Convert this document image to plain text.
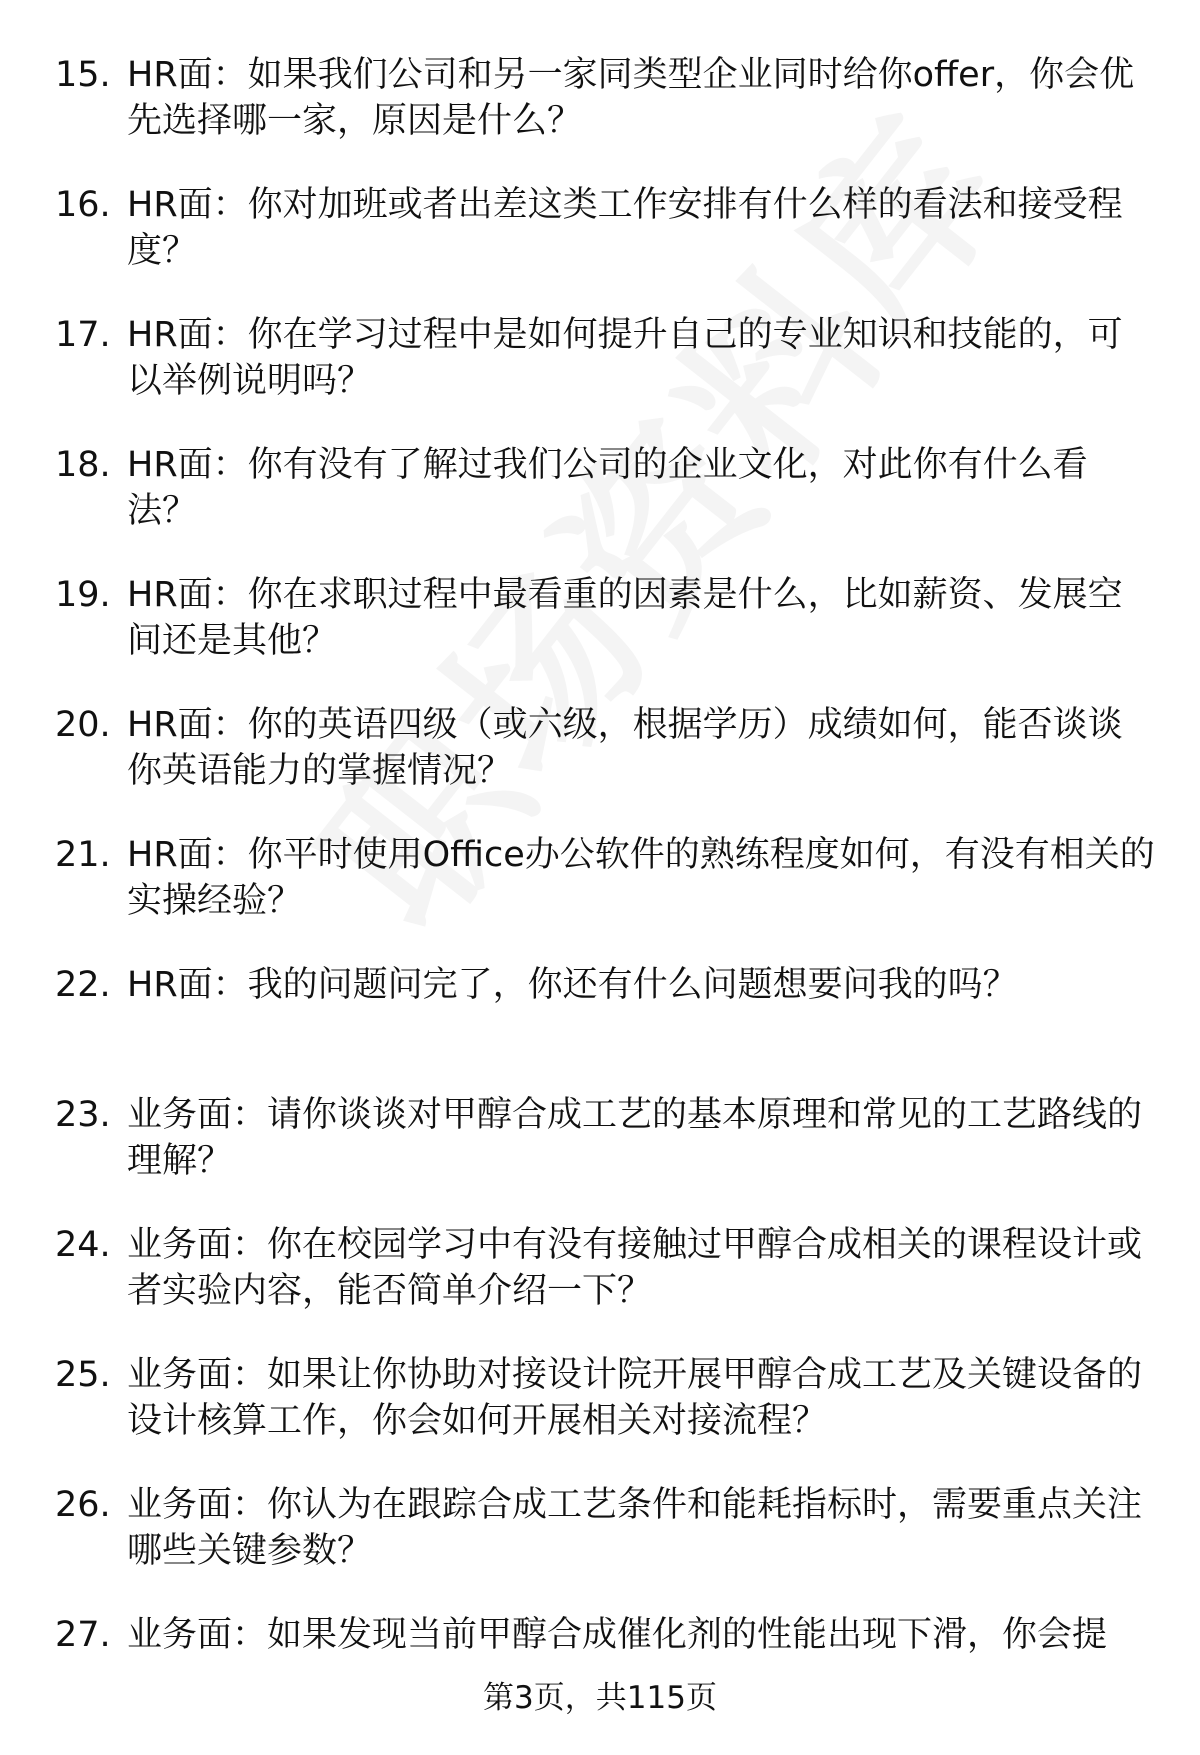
15. HR面：如果我们公司和另一家同类型企业同时给你offer，你会优先选择哪一家，原因是什么？
16. HR面：你对加班或者出差这类工作安排有什么样的看法和接受程度？
17. HR面：你在学习过程中是如何提升自己的专业知识和技能的，可以举例说明吗？
18. HR面：你有没有了解过我们公司的企业文化，对此你有什么看法？
19. HR面：你在求职过程中最看重的因素是什么，比如薪资、发展空间还是其他？
20. HR面：你的英语四级（或六级，根据学历）成绩如何，能否谈谈你英语能力的掌握情况？
21. HR面：你平时使用Office办公软件的熟练程度如何，有没有相关的实操经验？
22. HR面：我的问题问完了，你还有什么问题想要问我的吗？
23. 业务面：请你谈谈对甲醇合成工艺的基本原理和常见的工艺路线的理解？
24. 业务面：你在校园学习中有没有接触过甲醇合成相关的课程设计或者实验内容，能否简单介绍一下？
25. 业务面：如果让你协助对接设计院开展甲醇合成工艺及关键设备的设计核算工作，你会如何开展相关对接流程？
26. 业务面：你认为在跟踪合成工艺条件和能耗指标时，需要重点关注哪些关键参数？
27. 业务面：如果发现当前甲醇合成催化剂的性能出现下滑，你会提
第3页，共115页
